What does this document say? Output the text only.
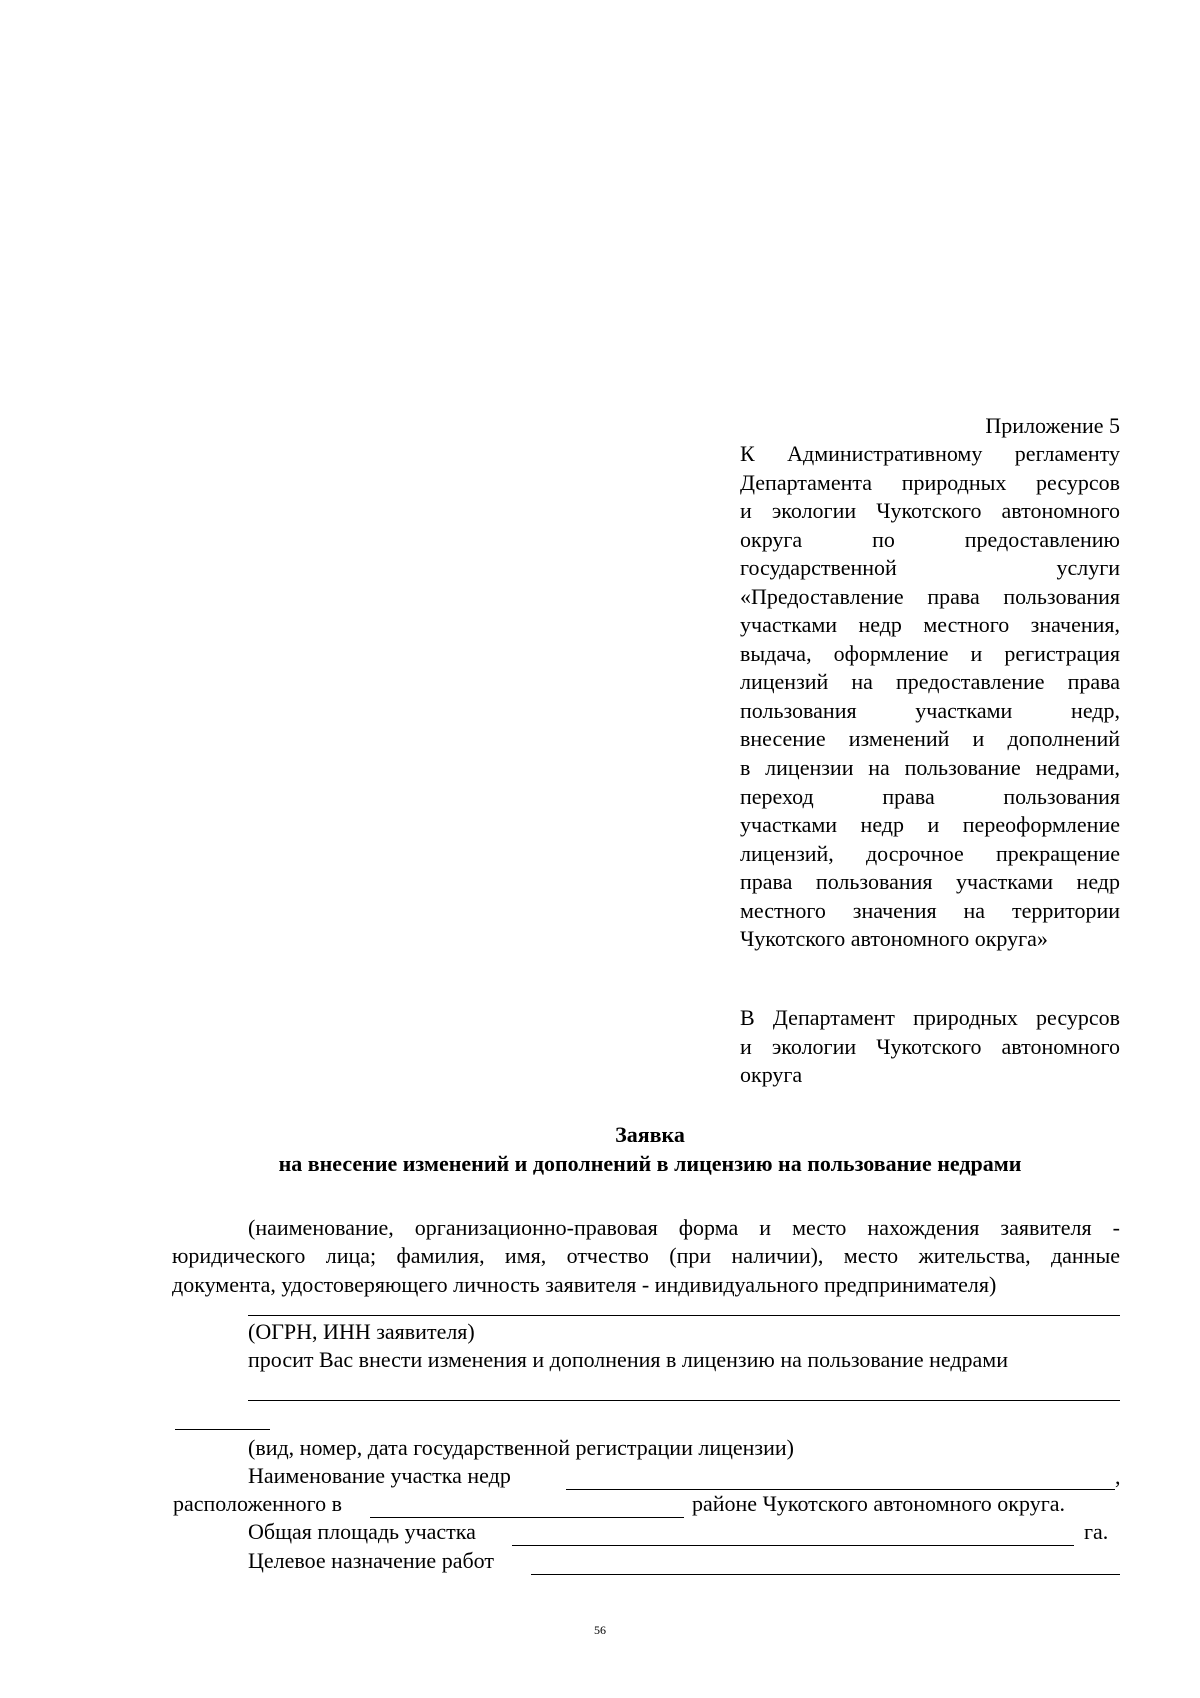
Приложение 5
К Административному регламенту
Департамента природных ресурсов
и экологии Чукотского автономного
округа по предоставлению
государственной услуги
«Предоставление права пользования
участками недр местного значения,
выдача, оформление и регистрация
лицензий на предоставление права
пользования участками недр,
внесение изменений и дополнений
в лицензии на пользование недрами,
переход права пользования
участками недр и переоформление
лицензий, досрочное прекращение
права пользования участками недр
местного значения на территории
Чукотского автономного округа»
В Департамент природных ресурсов
и экологии Чукотского автономного
округа
Заявка
на внесение изменений и дополнений в лицензию на пользование недрами
(наименование, организационно-правовая форма и место нахождения заявителя -
юридического лица; фамилия, имя, отчество (при наличии), место жительства, данные
документа, удостоверяющего личность заявителя - индивидуального предпринимателя)
(ОГРН, ИНН заявителя)
просит Вас внести изменения и дополнения в лицензию на пользование недрами
(вид, номер, дата государственной регистрации лицензии)
Наименование участка недр	,
расположенного в	районе Чукотского автономного округа.
Общая площадь участка	га.
Целевое назначение работ
56
